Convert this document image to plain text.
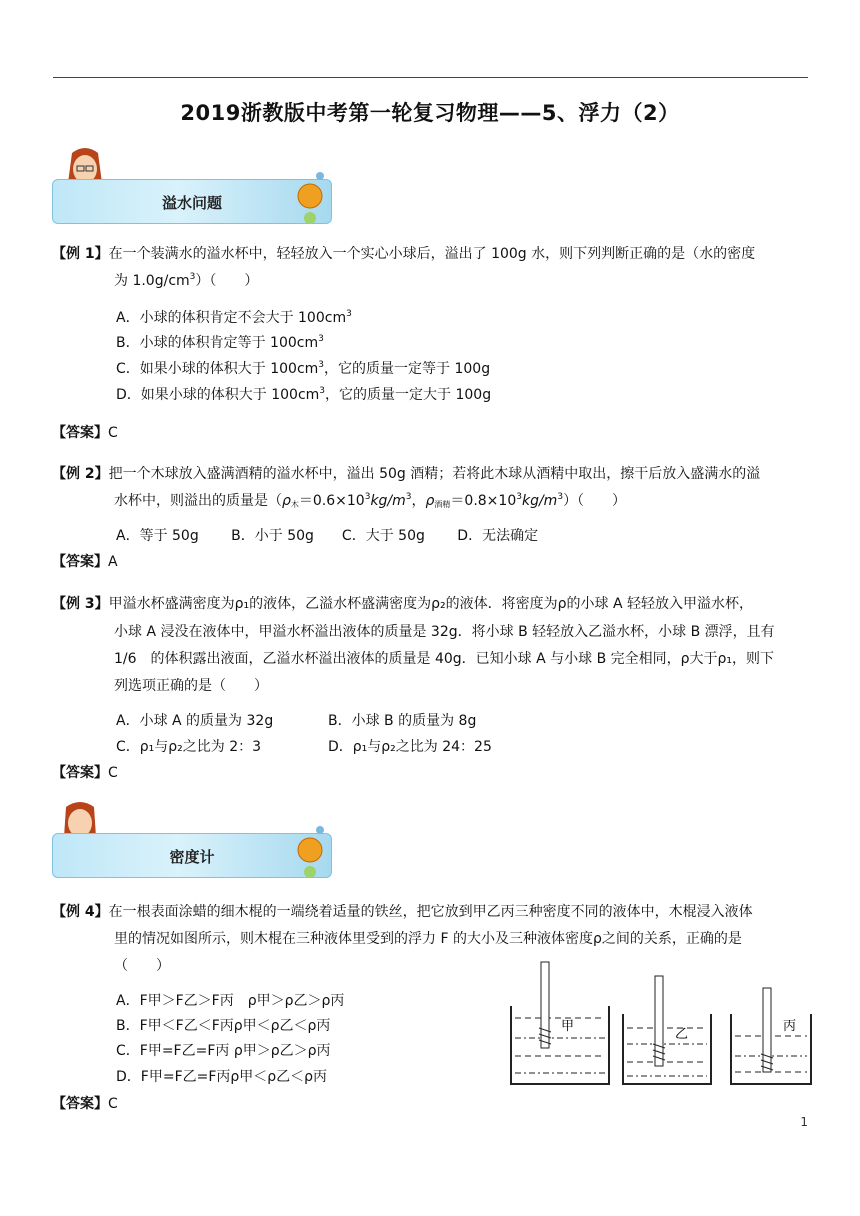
2019浙教版中考第一轮复习物理——5、浮力（2）
溢水问题
【例 1】在一个装满水的溢水杯中，轻轻放入一个实心小球后，溢出了 100g 水，则下列判断正确的是（水的密度
为 $1.0g/cm^3$）（　　）
A．小球的体积肯定不会大于 $100cm^3$
B．小球的体积肯定等于 $100cm^3$
C．如果小球的体积大于 $100cm^3$，它的质量一定等于 100g
D．如果小球的体积大于 $100cm^3$，它的质量一定大于 100g
【答案】C
【例 2】把一个木球放入盛满酒精的溢水杯中，溢出 50g 酒精；若将此木球从酒精中取出，擦干后放入盛满水的溢
水杯中，则溢出的质量是（$\rho_木=0.6\times 10^3kg/m^3$，$\rho_{酒精}=0.8\times 10^3kg/m^3$）（　　）
A．等于 50g　　 B．小于 50g　　C．大于 50g　　 D．无法确定
【答案】A
【例 3】甲溢水杯盛满密度为ρ₁的液体，乙溢水杯盛满密度为ρ₂的液体．将密度为ρ的小球 A 轻轻放入甲溢水杯，
小球 A 浸没在液体中，甲溢水杯溢出液体的质量是 32g．将小球 B 轻轻放入乙溢水杯，小球 B 漂浮，且有
1/6　的体积露出液面，乙溢水杯溢出液体的质量是 40g．已知小球 A 与小球 B 完全相同，ρ大于ρ₁，则下
列选项正确的是（　　）
A．小球 A 的质量为 32g	B．小球 B 的质量为 8g
C．ρ₁与ρ₂之比为 2：3	D．ρ₁与ρ₂之比为 24：25
【答案】C
密度计
【例 4】在一根表面涂蜡的细木棍的一端绕着适量的铁丝，把它放到甲乙丙三种密度不同的液体中，木棍浸入液体
里的情况如图所示，则木棍在三种液体里受到的浮力 F 的大小及三种液体密度ρ之间的关系，正确的是
（　　）
A．F甲＞F乙＞F丙　ρ甲＞ρ乙＞ρ丙
B．F甲＜F乙＜F丙ρ甲＜ρ乙＜ρ丙
C．F甲=F乙=F丙 ρ甲＞ρ乙＞ρ丙
D．F甲=F乙=F丙ρ甲＜ρ乙＜ρ丙
【答案】C
甲
乙
丙
1
